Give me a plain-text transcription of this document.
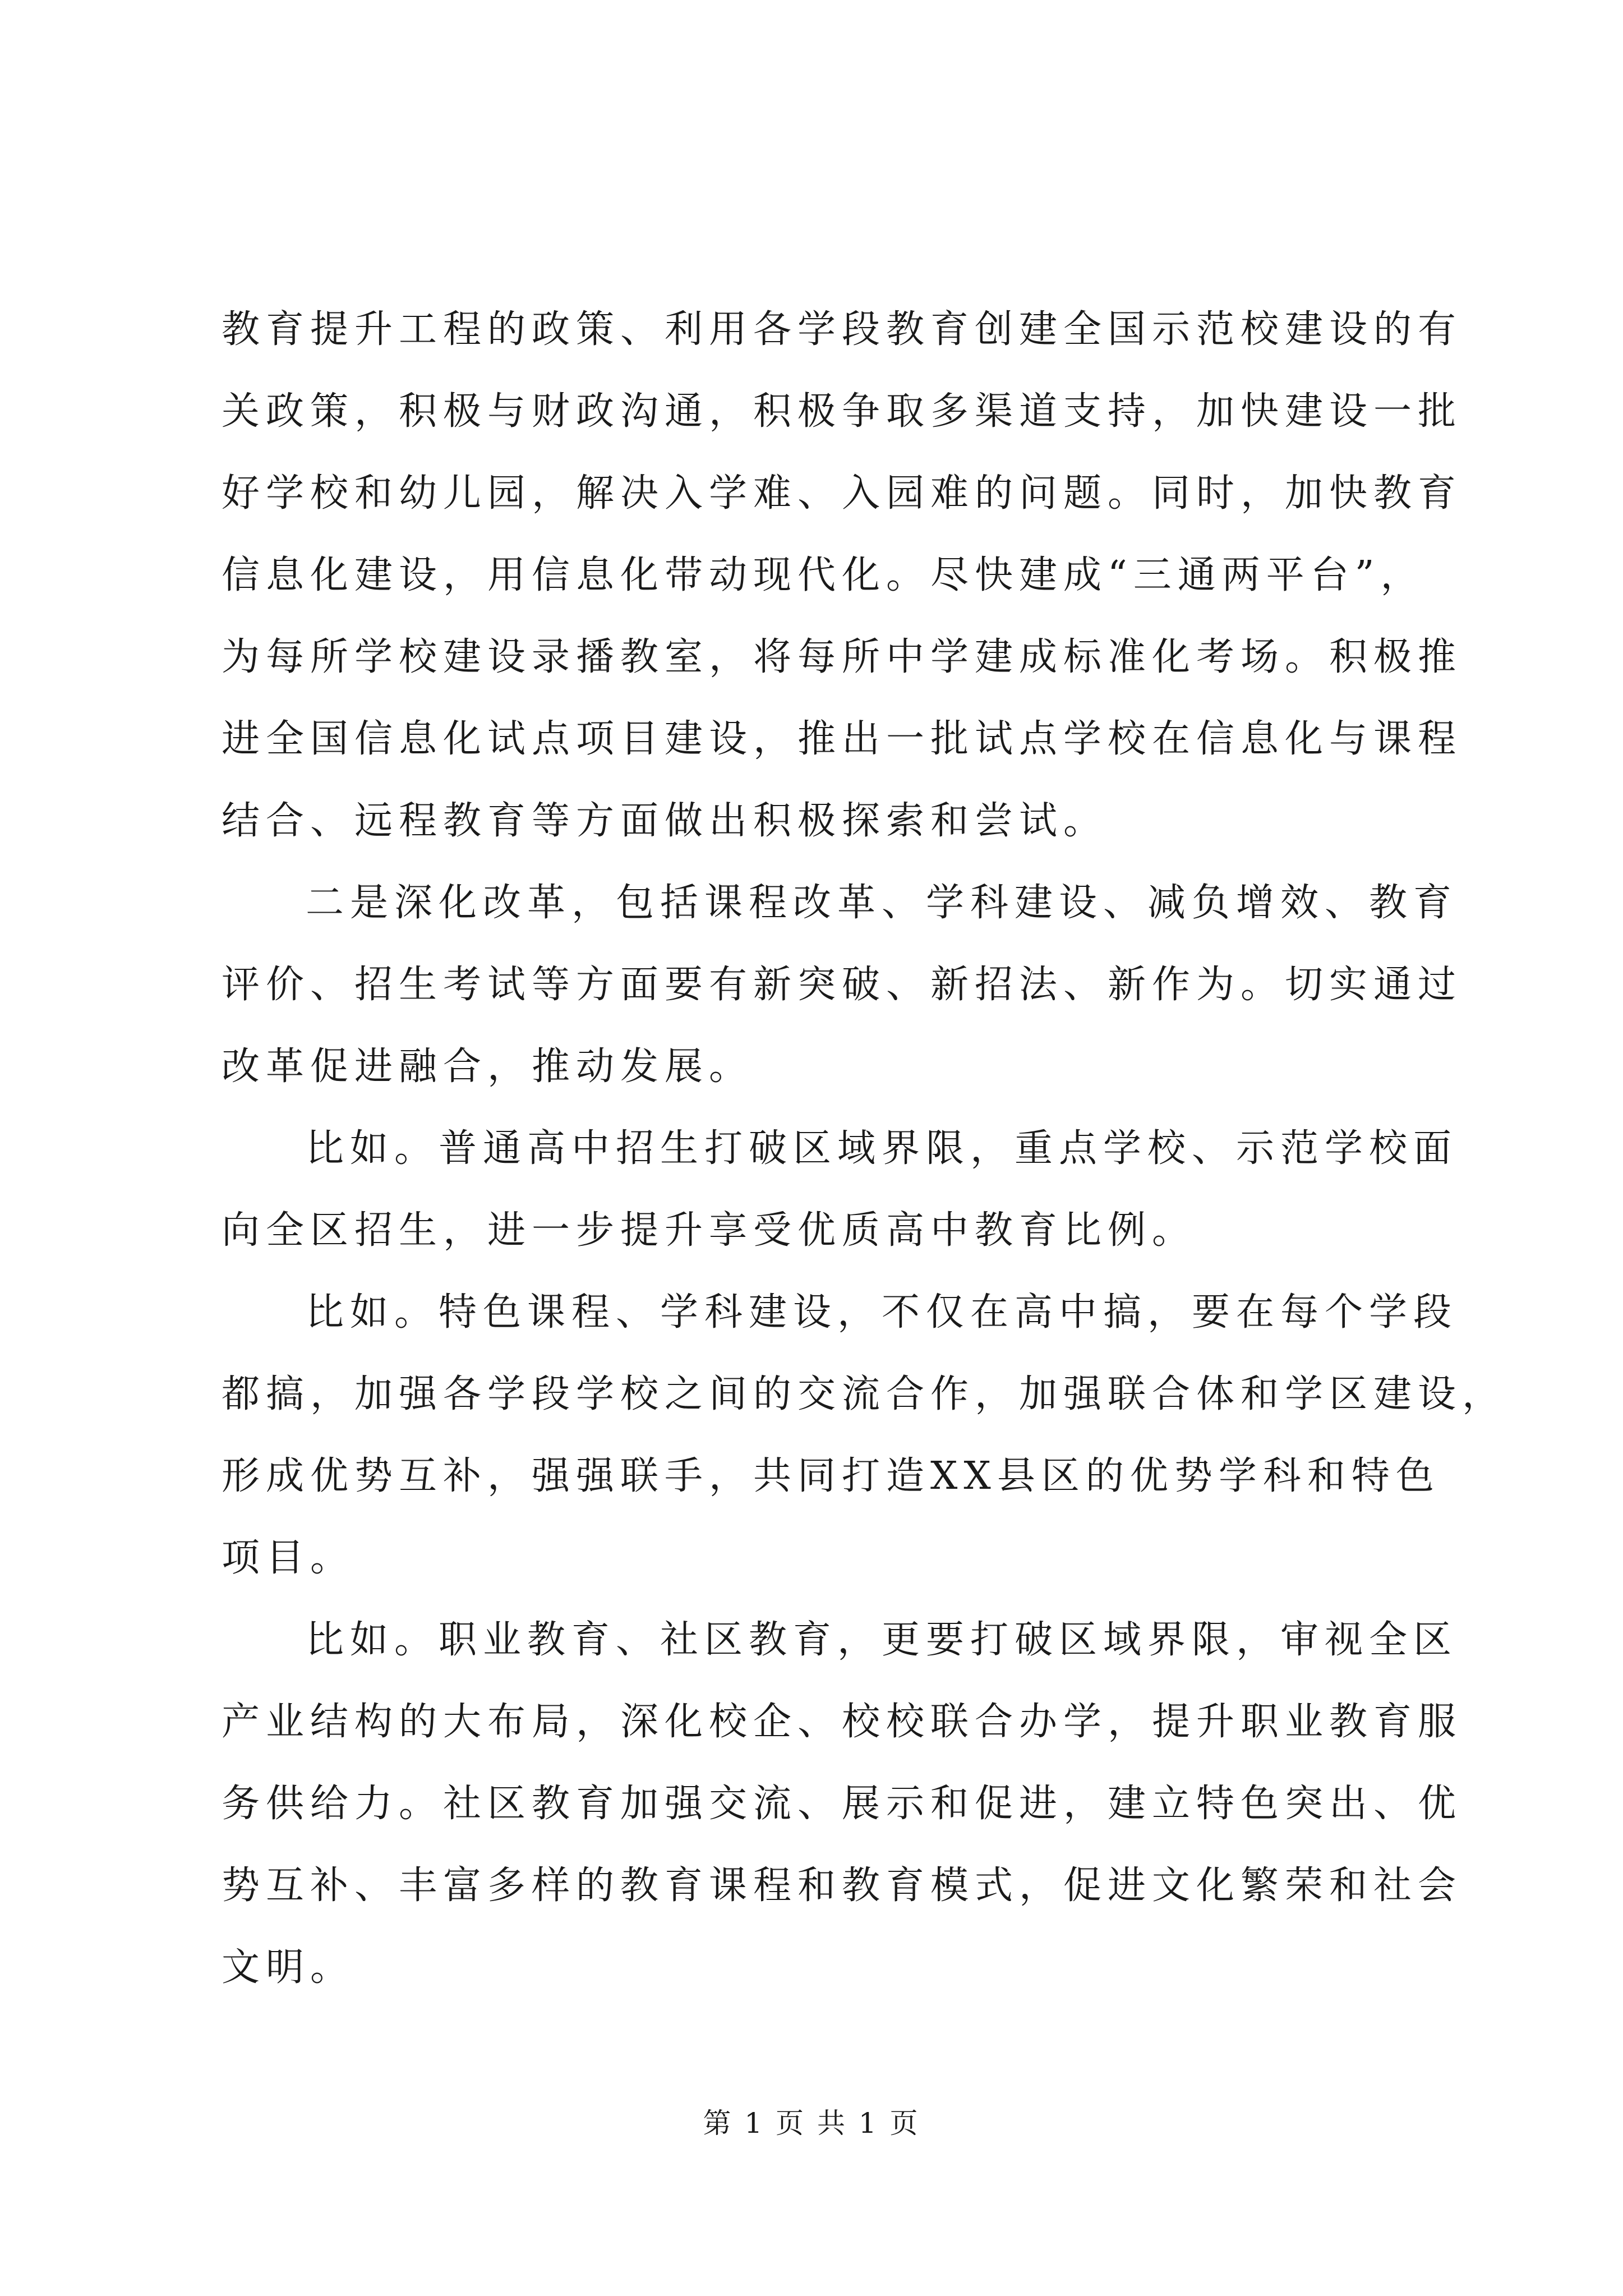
教育提升工程的政策、利用各学段教育创建全国示范校建设的有
关政策，积极与财政沟通，积极争取多渠道支持，加快建设一批
好学校和幼儿园，解决入学难、入园难的问题。同时，加快教育
信息化建设，用信息化带动现代化。尽快建成“三通两平台”，
为每所学校建设录播教室，将每所中学建成标准化考场。积极推
进全国信息化试点项目建设，推出一批试点学校在信息化与课程
结合、远程教育等方面做出积极探索和尝试。
二是深化改革，包括课程改革、学科建设、减负增效、教育
评价、招生考试等方面要有新突破、新招法、新作为。切实通过
改革促进融合，推动发展。
比如。普通高中招生打破区域界限，重点学校、示范学校面
向全区招生，进一步提升享受优质高中教育比例。
比如。特色课程、学科建设，不仅在高中搞，要在每个学段
都搞，加强各学段学校之间的交流合作，加强联合体和学区建设，
形成优势互补，强强联手，共同打造XX县区的优势学科和特色
项目。
比如。职业教育、社区教育，更要打破区域界限，审视全区
产业结构的大布局，深化校企、校校联合办学，提升职业教育服
务供给力。社区教育加强交流、展示和促进，建立特色突出、优
势互补、丰富多样的教育课程和教育模式，促进文化繁荣和社会
文明。
第 1 页 共 1 页
